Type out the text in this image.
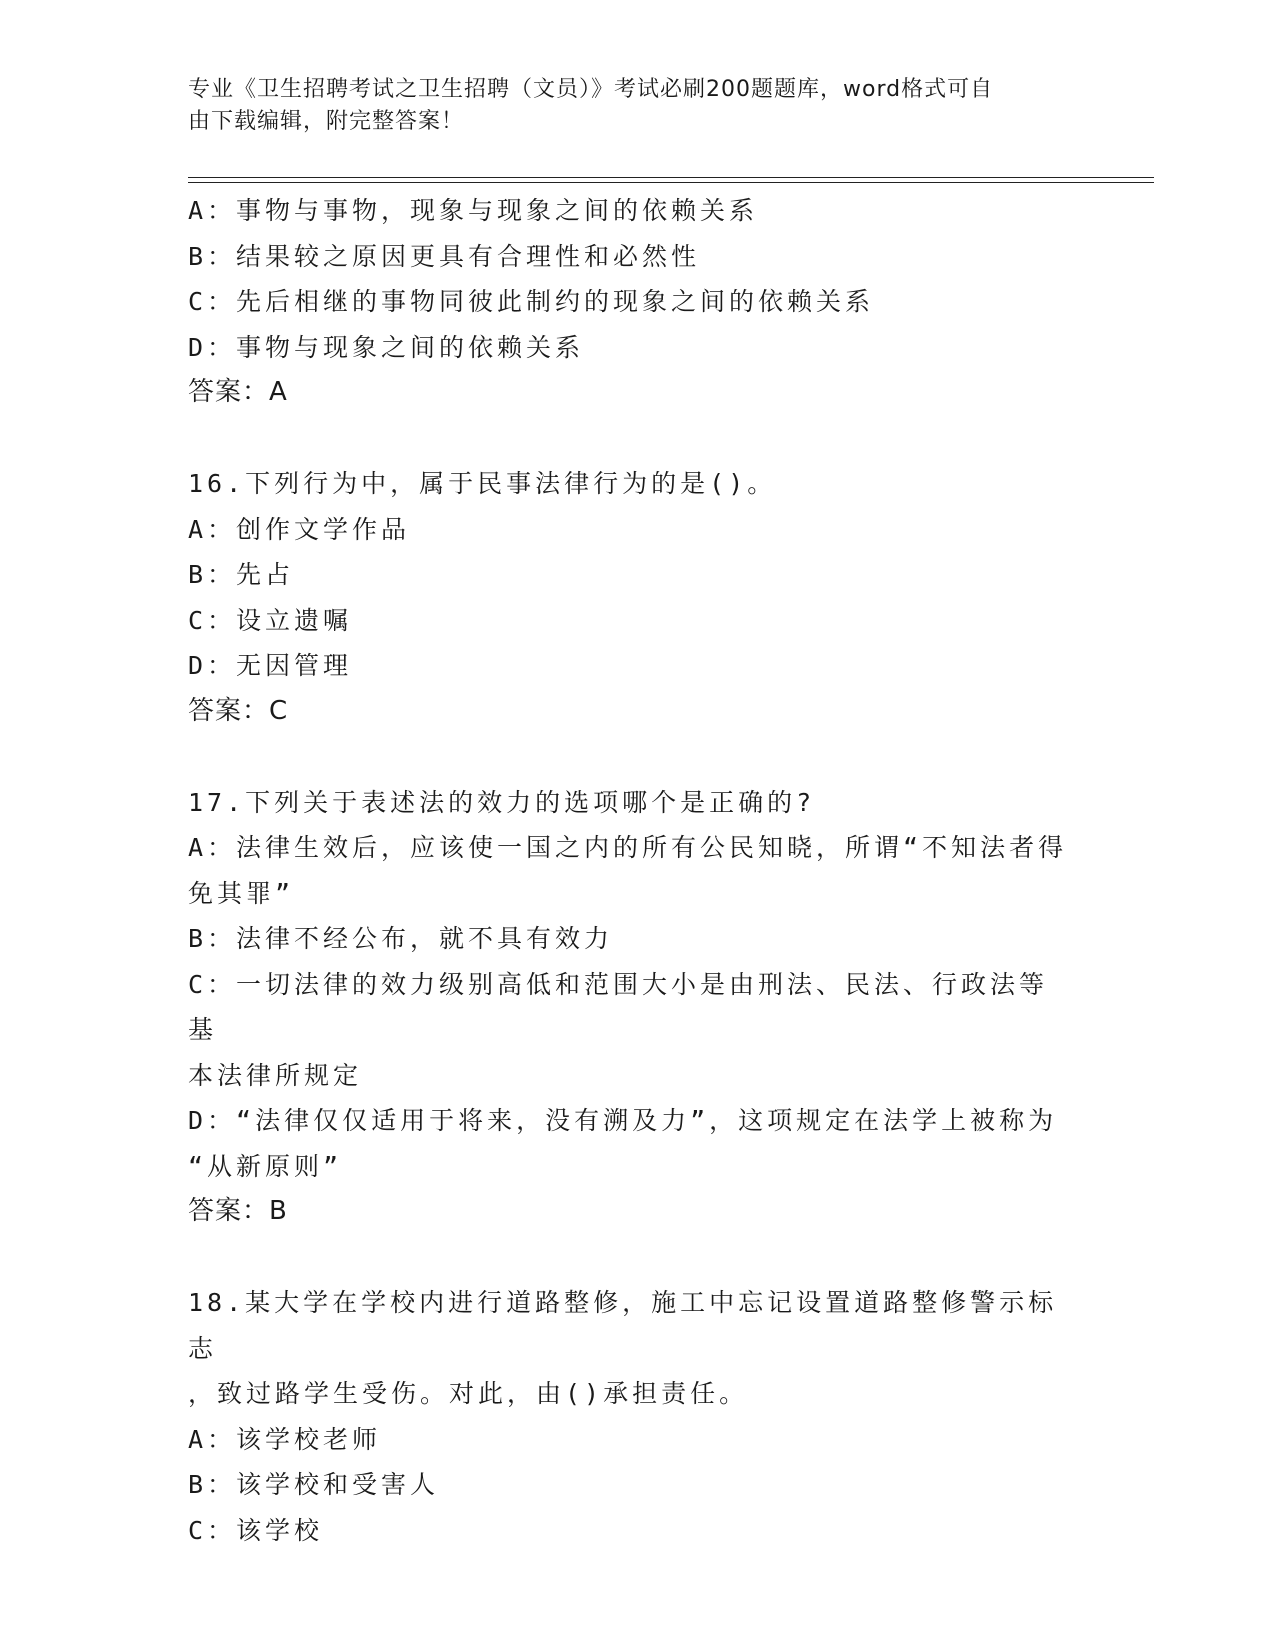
专业《卫生招聘考试之卫生招聘（文员）》考试必刷200题题库，word格式可自
由下载编辑，附完整答案！
A：事物与事物，现象与现象之间的依赖关系
B：结果较之原因更具有合理性和必然性
C：先后相继的事物同彼此制约的现象之间的依赖关系
D：事物与现象之间的依赖关系
答案：A
16.下列行为中，属于民事法律行为的是()。
A：创作文学作品
B：先占
C：设立遗嘱
D：无因管理
答案：C
17.下列关于表述法的效力的选项哪个是正确的?
A：法律生效后，应该使一国之内的所有公民知晓，所谓“不知法者得
免其罪”
B：法律不经公布，就不具有效力
C：一切法律的效力级别高低和范围大小是由刑法、民法、行政法等基
本法律所规定
D：“法律仅仅适用于将来，没有溯及力”，这项规定在法学上被称为
“从新原则”
答案：B
18.某大学在学校内进行道路整修，施工中忘记设置道路整修警示标志
，致过路学生受伤。对此，由()承担责任。
A：该学校老师
B：该学校和受害人
C：该学校
